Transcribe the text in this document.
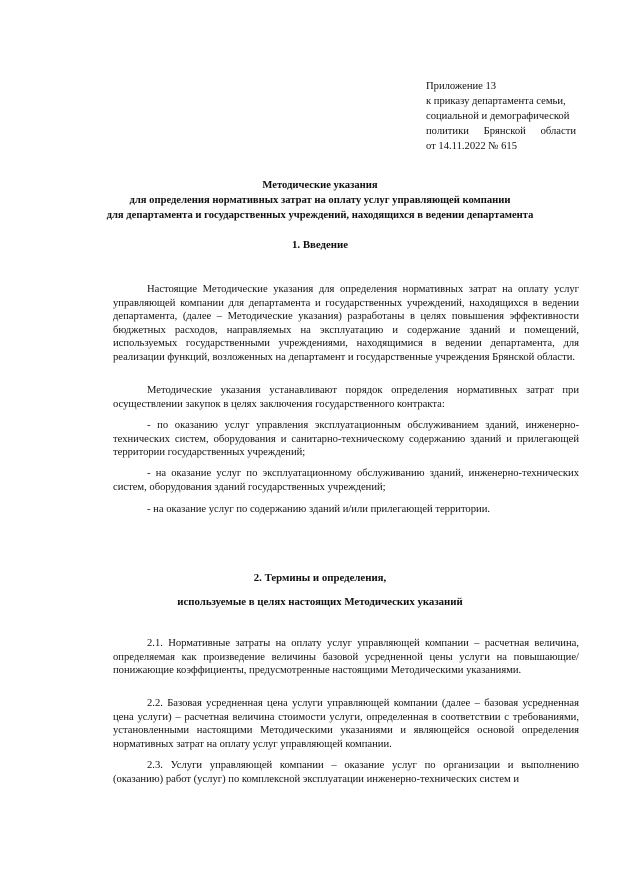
Приложение 13
к приказу департамента семьи,
социальной и демографической
политики Брянской области
от 14.11.2022 № 615
Методические указания
для определения нормативных затрат на оплату услуг управляющей компании
для департамента и государственных учреждений, находящихся в ведении департамента
1. Введение

Настоящие Методические указания для определения нормативных затрат на оплату услуг управляющей компании для департамента и государственных учреждений, находящихся в ведении департамента, (далее – Методические указания) разработаны в целях повышения эффективности бюджетных расходов, направляемых на эксплуатацию и содержание зданий и помещений, используемых государственными учреждениями, находящимися в ведении департамента, для реализации функций, возложенных на департамент и государственные учреждения Брянской области.

Методические указания устанавливают порядок определения нормативных затрат при осуществлении закупок в целях заключения государственного контракта:

- по оказанию услуг управления эксплуатационным обслуживанием зданий, инженерно-технических систем, оборудования и санитарно-техническому содержанию зданий и прилегающей территории государственных учреждений;

- на оказание услуг по эксплуатационному обслуживанию зданий, инженерно-технических систем, оборудования зданий государственных учреждений;

- на оказание услуг по содержанию зданий и/или прилегающей территории.

2. Термины и определения,
используемые в целях настоящих Методических указаний

2.1. Нормативные затраты на оплату услуг управляющей компании – расчетная величина, определяемая как произведение величины базовой усредненной цены услуги на повышающие/понижающие коэффициенты, предусмотренные настоящими Методическими указаниями.

2.2. Базовая усредненная цена услуги управляющей компании (далее – базовая усредненная цена услуги) – расчетная величина стоимости услуги, определенная в соответствии с требованиями, установленными настоящими Методическими указаниями и являющейся основой определения нормативных затрат на оплату услуг управляющей компании.

2.3. Услуги управляющей компании – оказание услуг по организации и выполнению (оказанию) работ (услуг) по комплексной эксплуатации инженерно-технических систем и
